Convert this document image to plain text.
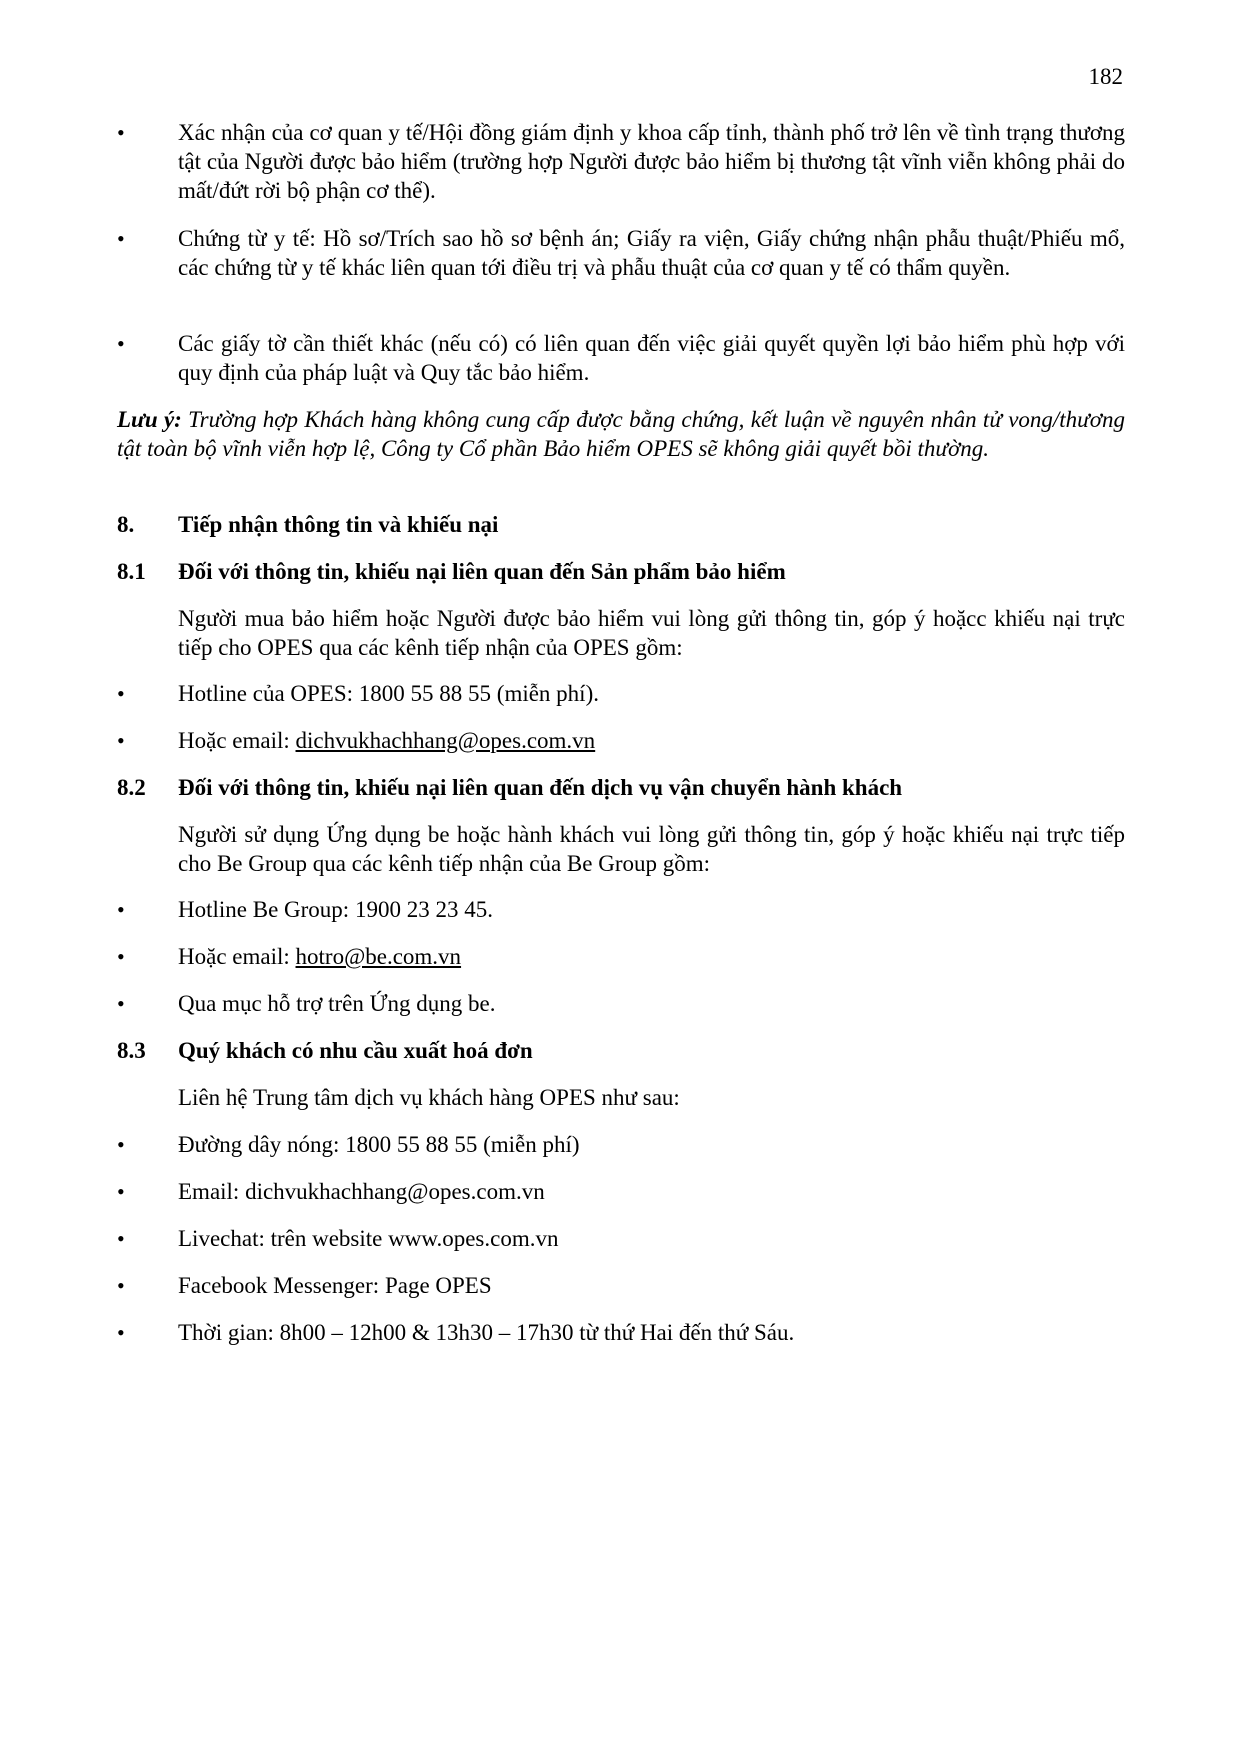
182
• Xác nhận của cơ quan y tế/Hội đồng giám định y khoa cấp tỉnh, thành phố trở lên về tình trạng thương tật của Người được bảo hiểm (trường hợp Người được bảo hiểm bị thương tật vĩnh viễn không phải do mất/đứt rời bộ phận cơ thể).
• Chứng từ y tế: Hồ sơ/Trích sao hồ sơ bệnh án; Giấy ra viện, Giấy chứng nhận phẫu thuật/Phiếu mổ, các chứng từ y tế khác liên quan tới điều trị và phẫu thuật của cơ quan y tế có thẩm quyền.
• Các giấy tờ cần thiết khác (nếu có) có liên quan đến việc giải quyết quyền lợi bảo hiểm phù hợp với quy định của pháp luật và Quy tắc bảo hiểm.
Lưu ý: Trường hợp Khách hàng không cung cấp được bằng chứng, kết luận về nguyên nhân tử vong/thương tật toàn bộ vĩnh viễn hợp lệ, Công ty Cổ phần Bảo hiểm OPES sẽ không giải quyết bồi thường.
8. Tiếp nhận thông tin và khiếu nại
8.1 Đối với thông tin, khiếu nại liên quan đến Sản phẩm bảo hiểm
Người mua bảo hiểm hoặc Người được bảo hiểm vui lòng gửi thông tin, góp ý hoặcc khiếu nại trực tiếp cho OPES qua các kênh tiếp nhận của OPES gồm:
• Hotline của OPES: 1800 55 88 55 (miễn phí).
• Hoặc email: dichvukhachhang@opes.com.vn
8.2 Đối với thông tin, khiếu nại liên quan đến dịch vụ vận chuyển hành khách
Người sử dụng Ứng dụng be hoặc hành khách vui lòng gửi thông tin, góp ý hoặc khiếu nại trực tiếp cho Be Group qua các kênh tiếp nhận của Be Group gồm:
• Hotline Be Group: 1900 23 23 45.
• Hoặc email: hotro@be.com.vn
• Qua mục hỗ trợ trên Ứng dụng be.
8.3 Quý khách có nhu cầu xuất hoá đơn
Liên hệ Trung tâm dịch vụ khách hàng OPES như sau:
• Đường dây nóng: 1800 55 88 55 (miễn phí)
• Email: dichvukhachhang@opes.com.vn
• Livechat: trên website www.opes.com.vn
• Facebook Messenger: Page OPES
• Thời gian: 8h00 – 12h00 & 13h30 – 17h30 từ thứ Hai đến thứ Sáu.
